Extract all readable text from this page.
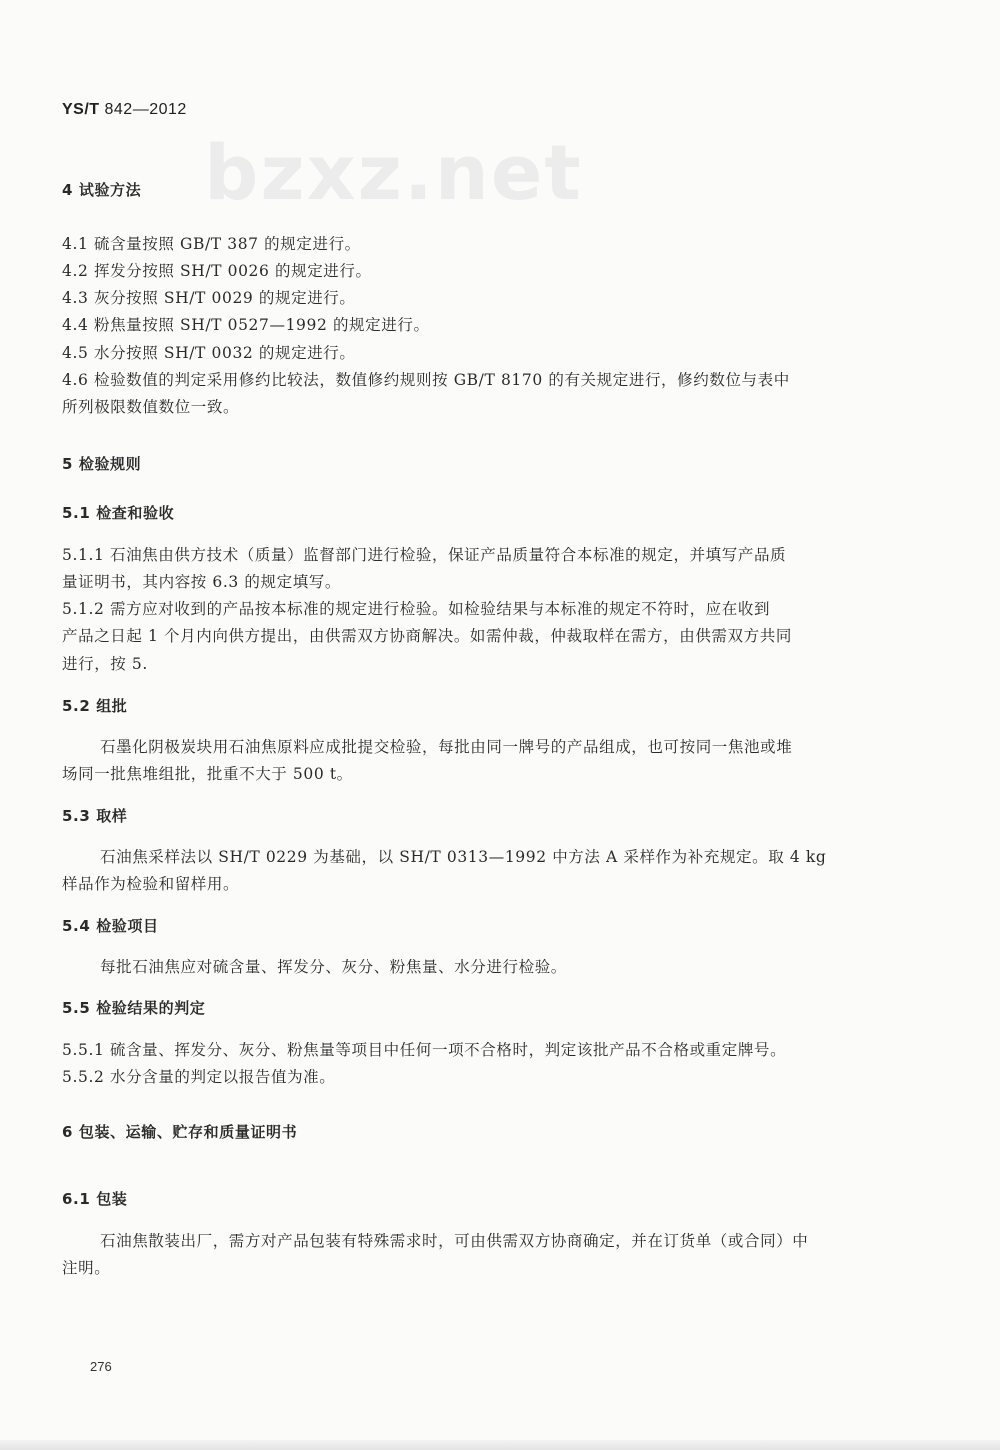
YS/T 842—2012
bzxz.net
4 试验方法
4.1 硫含量按照 GB/T 387 的规定进行。
4.2 挥发分按照 SH/T 0026 的规定进行。
4.3 灰分按照 SH/T 0029 的规定进行。
4.4 粉焦量按照 SH/T 0527—1992 的规定进行。
4.5 水分按照 SH/T 0032 的规定进行。
4.6 检验数值的判定采用修约比较法，数值修约规则按 GB/T 8170 的有关规定进行，修约数位与表中
所列极限数值数位一致。
5 检验规则
5.1 检查和验收
5.1.1 石油焦由供方技术（质量）监督部门进行检验，保证产品质量符合本标准的规定，并填写产品质
量证明书，其内容按 6.3 的规定填写。
5.1.2 需方应对收到的产品按本标准的规定进行检验。如检验结果与本标准的规定不符时，应在收到
产品之日起 1 个月内向供方提出，由供需双方协商解决。如需仲裁，仲裁取样在需方，由供需双方共同
进行，按 5.
5.2 组批
石墨化阴极炭块用石油焦原料应成批提交检验，每批由同一牌号的产品组成，也可按同一焦池或堆
场同一批焦堆组批，批重不大于 500 t。
5.3 取样
石油焦采样法以 SH/T 0229 为基础，以 SH/T 0313—1992 中方法 A 采样作为补充规定。取 4 kg
样品作为检验和留样用。
5.4 检验项目
每批石油焦应对硫含量、挥发分、灰分、粉焦量、水分进行检验。
5.5 检验结果的判定
5.5.1 硫含量、挥发分、灰分、粉焦量等项目中任何一项不合格时，判定该批产品不合格或重定牌号。
5.5.2 水分含量的判定以报告值为准。
6 包装、运输、贮存和质量证明书
6.1 包装
石油焦散装出厂，需方对产品包装有特殊需求时，可由供需双方协商确定，并在订货单（或合同）中
注明。
276
